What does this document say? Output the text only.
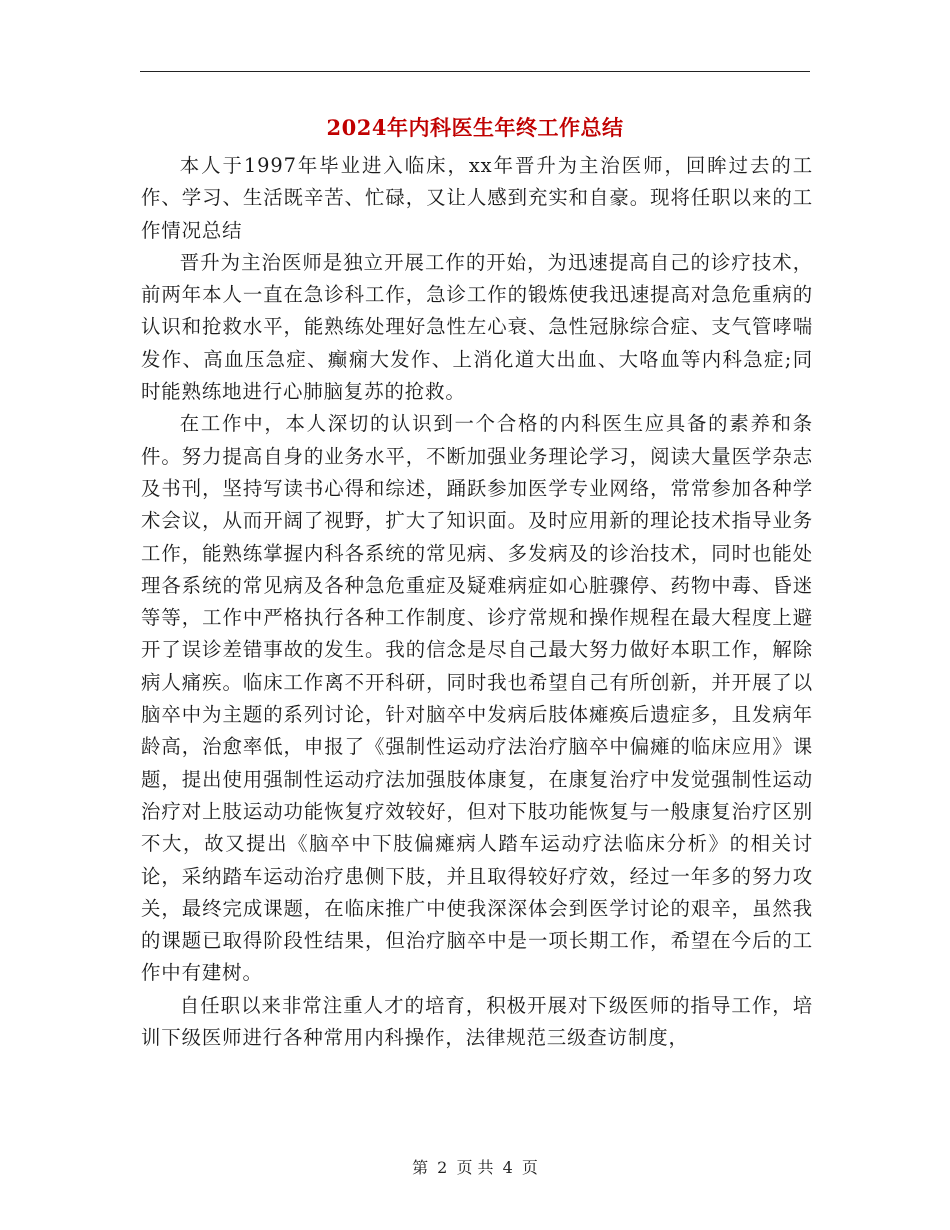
2024年内科医生年终工作总结

本人于1997年毕业进入临床，xx年晋升为主治医师，回眸过去的工作、学习、生活既辛苦、忙碌，又让人感到充实和自豪。现将任职以来的工作情况总结

晋升为主治医师是独立开展工作的开始，为迅速提高自己的诊疗技术，前两年本人一直在急诊科工作，急诊工作的锻炼使我迅速提高对急危重病的认识和抢救水平，能熟练处理好急性左心衰、急性冠脉综合症、支气管哮喘发作、高血压急症、癫痫大发作、上消化道大出血、大咯血等内科急症;同时能熟练地进行心肺脑复苏的抢救。

在工作中，本人深切的认识到一个合格的内科医生应具备的素养和条件。努力提高自身的业务水平，不断加强业务理论学习，阅读大量医学杂志及书刊，坚持写读书心得和综述，踊跃参加医学专业网络，常常参加各种学术会议，从而开阔了视野，扩大了知识面。及时应用新的理论技术指导业务工作，能熟练掌握内科各系统的常见病、多发病及的诊治技术，同时也能处理各系统的常见病及各种急危重症及疑难病症如心脏骤停、药物中毒、昏迷等等，工作中严格执行各种工作制度、诊疗常规和操作规程在最大程度上避开了误诊差错事故的发生。我的信念是尽自己最大努力做好本职工作，解除病人痛疾。临床工作离不开科研，同时我也希望自己有所创新，并开展了以脑卒中为主题的系列讨论，针对脑卒中发病后肢体瘫痪后遗症多，且发病年龄高，治愈率低，申报了《强制性运动疗法治疗脑卒中偏瘫的临床应用》课题，提出使用强制性运动疗法加强肢体康复，在康复治疗中发觉强制性运动治疗对上肢运动功能恢复疗效较好，但对下肢功能恢复与一般康复治疗区别不大，故又提出《脑卒中下肢偏瘫病人踏车运动疗法临床分析》的相关讨论，采纳踏车运动治疗患侧下肢，并且取得较好疗效，经过一年多的努力攻关，最终完成课题，在临床推广中使我深深体会到医学讨论的艰辛，虽然我的课题已取得阶段性结果，但治疗脑卒中是一项长期工作，希望在今后的工作中有建树。

自任职以来非常注重人才的培育，积极开展对下级医师的指导工作，培训下级医师进行各种常用内科操作，法律规范三级查访制度，

第 2 页 共 4 页
